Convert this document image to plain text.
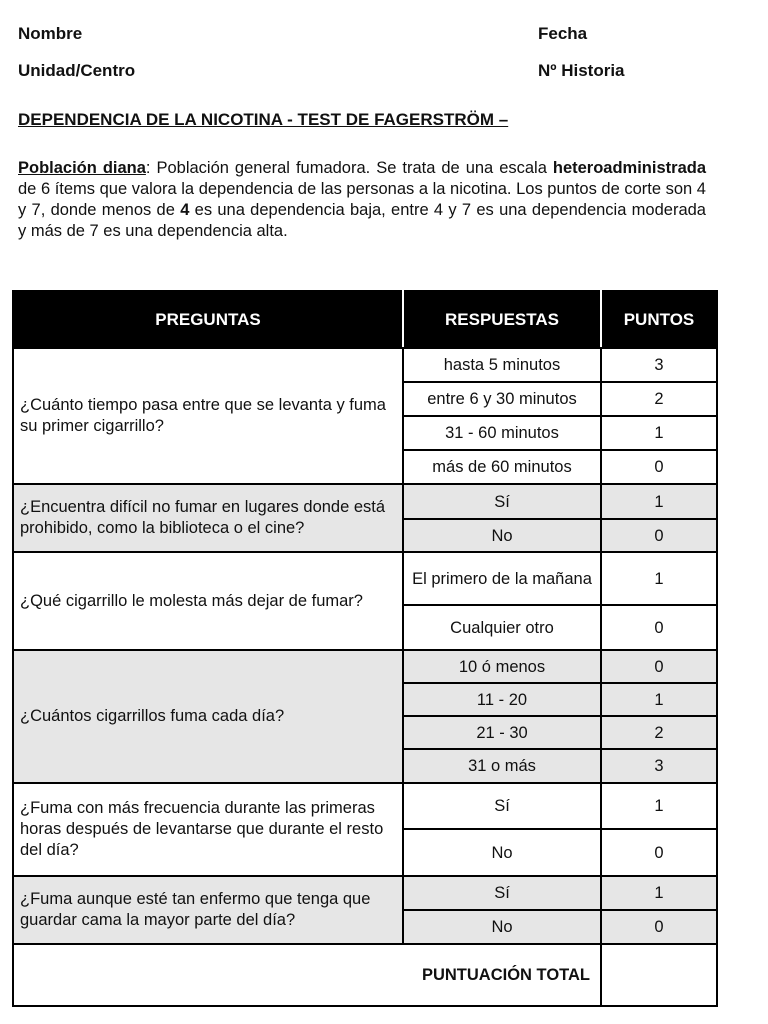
Nombre	Fecha
Unidad/Centro	Nº Historia
DEPENDENCIA DE LA NICOTINA - TEST DE FAGERSTRÖM –
Población diana: Población general fumadora. Se trata de una escala heteroadministrada de 6 ítems que valora la dependencia de las personas a la nicotina. Los puntos de corte son 4 y 7, donde menos de 4 es una dependencia baja, entre 4 y 7 es una dependencia moderada y más de 7 es una dependencia alta.
PREGUNTAS	RESPUESTAS	PUNTOS
¿Cuánto tiempo pasa entre que se levanta y fuma su primer cigarrillo?	hasta 5 minutos	3
	entre 6 y 30 minutos	2
	31 - 60 minutos	1
	más de 60 minutos	0
¿Encuentra difícil no fumar en lugares donde está prohibido, como la biblioteca o el cine?	Sí	1
	No	0
¿Qué cigarrillo le molesta más dejar de fumar?	El primero de la mañana	1
	Cualquier otro	0
¿Cuántos cigarrillos fuma cada día?	10 ó menos	0
	11 - 20	1
	21 - 30	2
	31 o más	3
¿Fuma con más frecuencia durante las primeras horas después de levantarse que durante el resto del día?	Sí	1
	No	0
¿Fuma aunque esté tan enfermo que tenga que guardar cama la mayor parte del día?	Sí	1
	No	0
PUNTUACIÓN TOTAL		
